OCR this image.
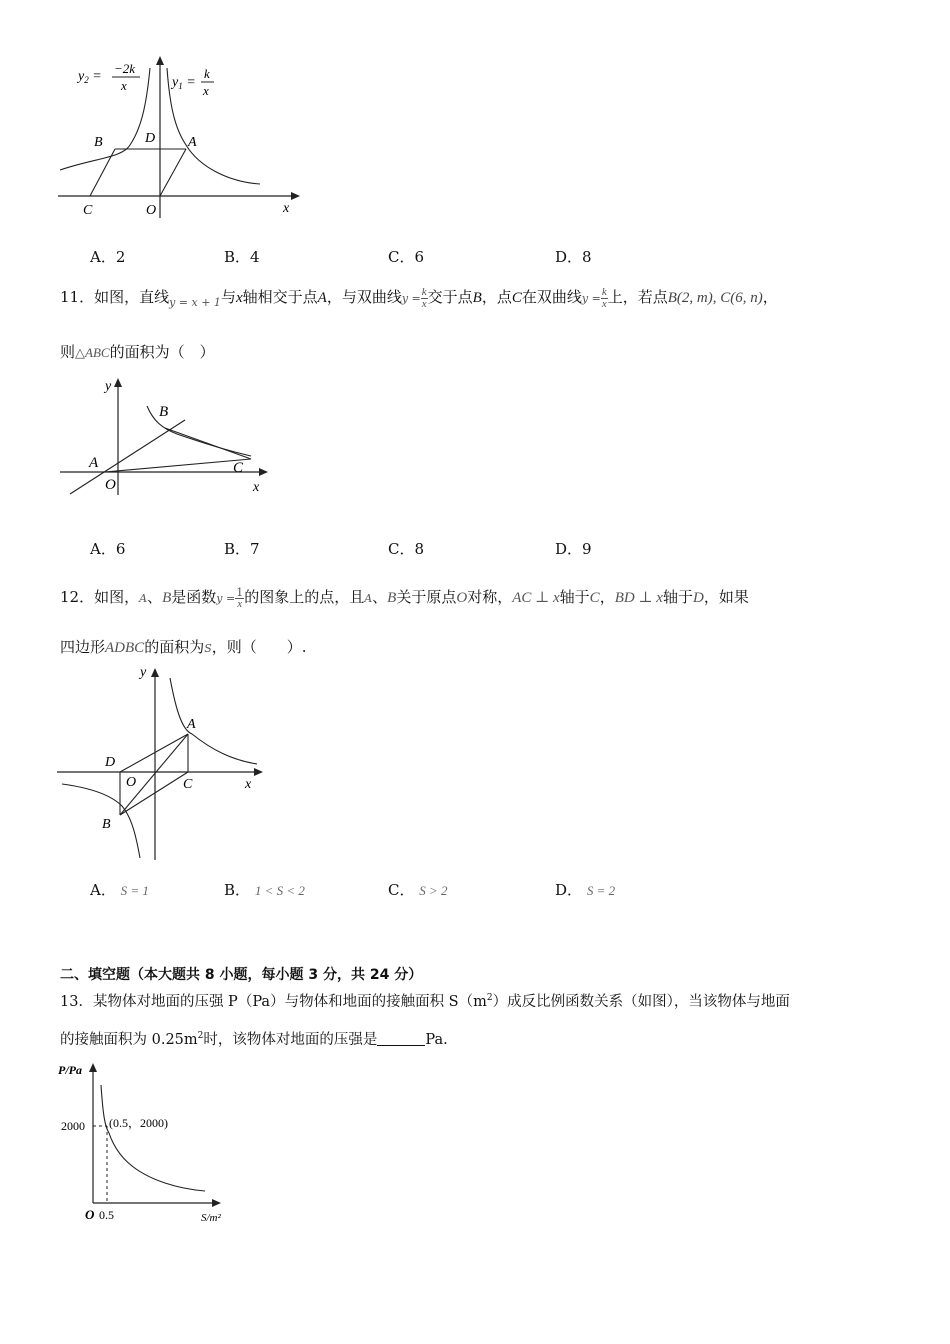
$y_2$ =
−2k
x	$y_1$ =
k
x
B	D A
C	O	x
A．2	B．4	C．6	D．8
11．如图，直线$_{y = x + 1}$与x轴相交于点A，与双曲线$y = \frac{k}{x}$ 交于点B，点C在双曲线$y = \frac{k}{x}$ 上，若点B(2, m), C(6, n)，
则△ABC的面积为（　）
y
B
A
O
C
x
A．6	B．7	C．8	D．9
12．如图，A、B是函数$y = \frac{1}{x}$ 的图象上的点，且A、B关于原点O对称，AC ⊥ x轴于C，BD ⊥ x轴于D，如果
四边形ADBC的面积为S，则（　　）.
y
A
D
O	C	x
B
A． S = 1	B． 1 < S < 2	C． S > 2	D． S = 2
二、填空题（本大题共 8 小题，每小题 3 分，共 24 分）
13．某物体对地面的压强 P（Pa）与物体和地面的接触面积 $S(m^2)$成反比例函数关系（如图），当该物体与地面
的接触面积为 $0.25m^2$时，该物体对地面的压强是	Pa.
P/Pa
2000 (0.5，2000)
O 0.5	S/m²
